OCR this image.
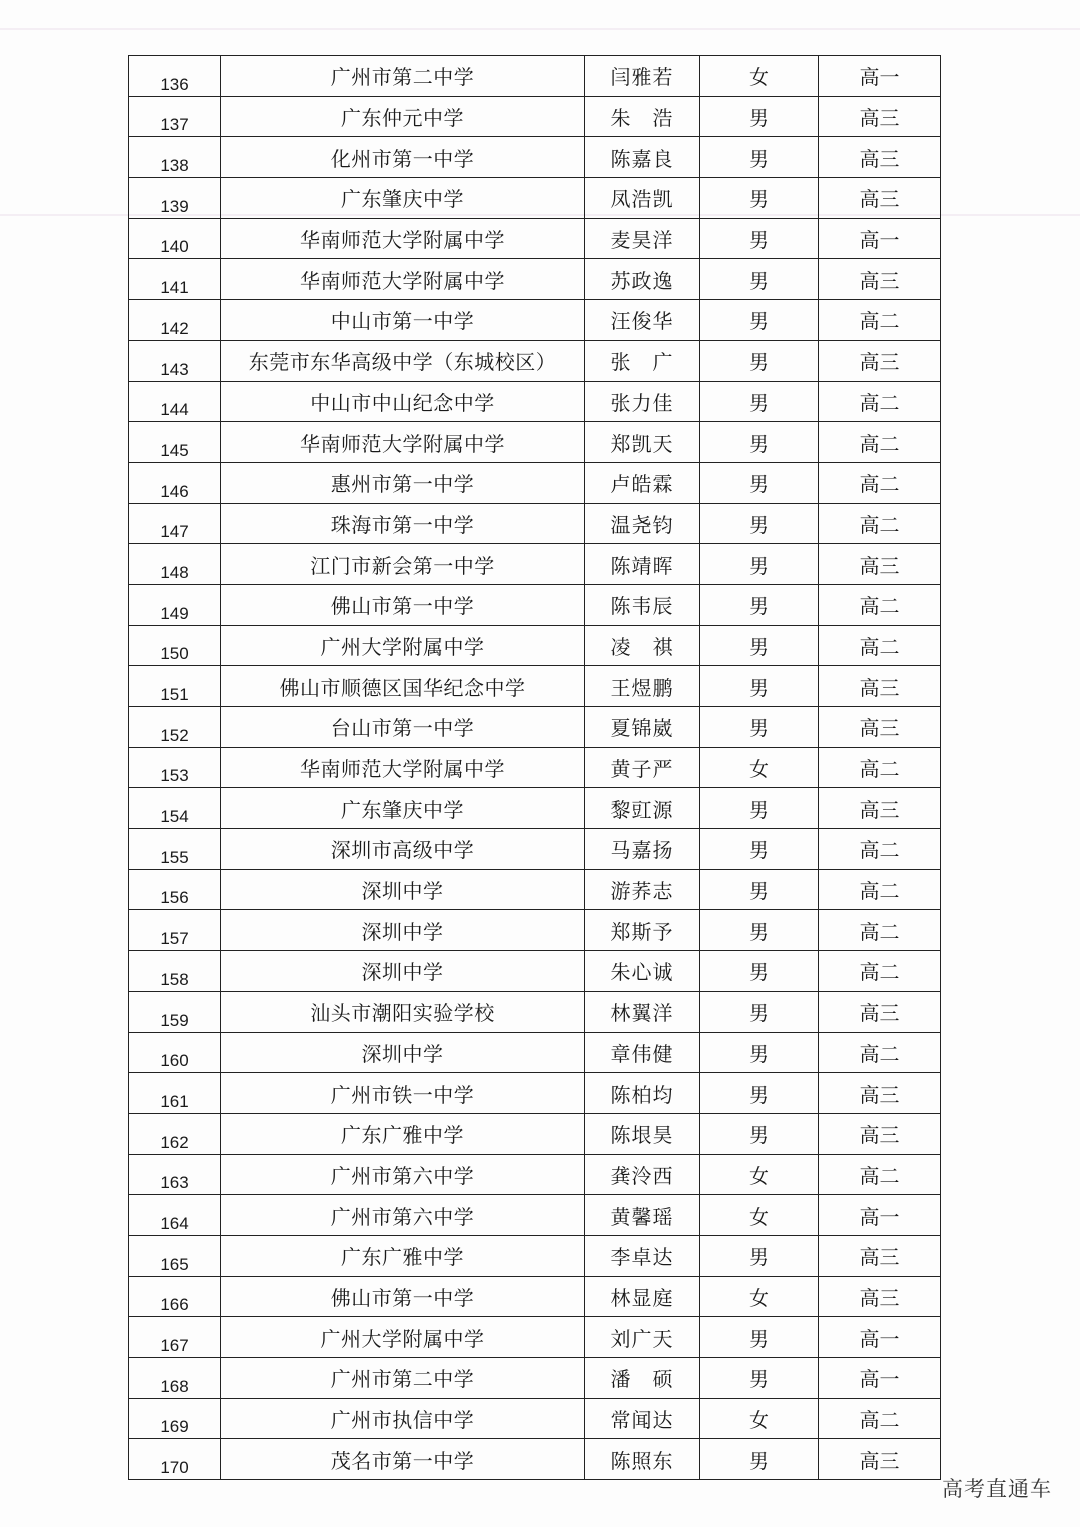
136	广州市第二中学	闫雅若	女	高一
137	广东仲元中学	朱　浩	男	高三
138	化州市第一中学	陈嘉良	男	高三
139	广东肇庆中学	凤浩凯	男	高三
140	华南师范大学附属中学	麦昊洋	男	高一
141	华南师范大学附属中学	苏政逸	男	高三
142	中山市第一中学	汪俊华	男	高二
143	东莞市东华高级中学（东城校区）	张　广	男	高三
144	中山市中山纪念中学	张力佳	男	高二
145	华南师范大学附属中学	郑凯天	男	高二
146	惠州市第一中学	卢皓霖	男	高二
147	珠海市第一中学	温尧钧	男	高二
148	江门市新会第一中学	陈靖晖	男	高三
149	佛山市第一中学	陈韦辰	男	高二
150	广州大学附属中学	凌　祺	男	高二
151	佛山市顺德区国华纪念中学	王煜鹏	男	高三
152	台山市第一中学	夏锦崴	男	高三
153	华南师范大学附属中学	黄子严	女	高二
154	广东肇庆中学	黎豇源	男	高三
155	深圳市高级中学	马嘉扬	男	高二
156	深圳中学	游荞志	男	高二
157	深圳中学	郑斯予	男	高二
158	深圳中学	朱心诚	男	高二
159	汕头市潮阳实验学校	林翼洋	男	高三
160	深圳中学	章伟健	男	高二
161	广州市铁一中学	陈柏均	男	高三
162	广东广雅中学	陈垠昊	男	高三
163	广州市第六中学	龚泠西	女	高二
164	广州市第六中学	黄馨瑶	女	高一
165	广东广雅中学	李卓达	男	高三
166	佛山市第一中学	林显庭	女	高三
167	广州大学附属中学	刘广天	男	高一
168	广州市第二中学	潘　硕	男	高一
169	广州市执信中学	常闻达	女	高二
170	茂名市第一中学	陈照东	男	高三
高考直通车
